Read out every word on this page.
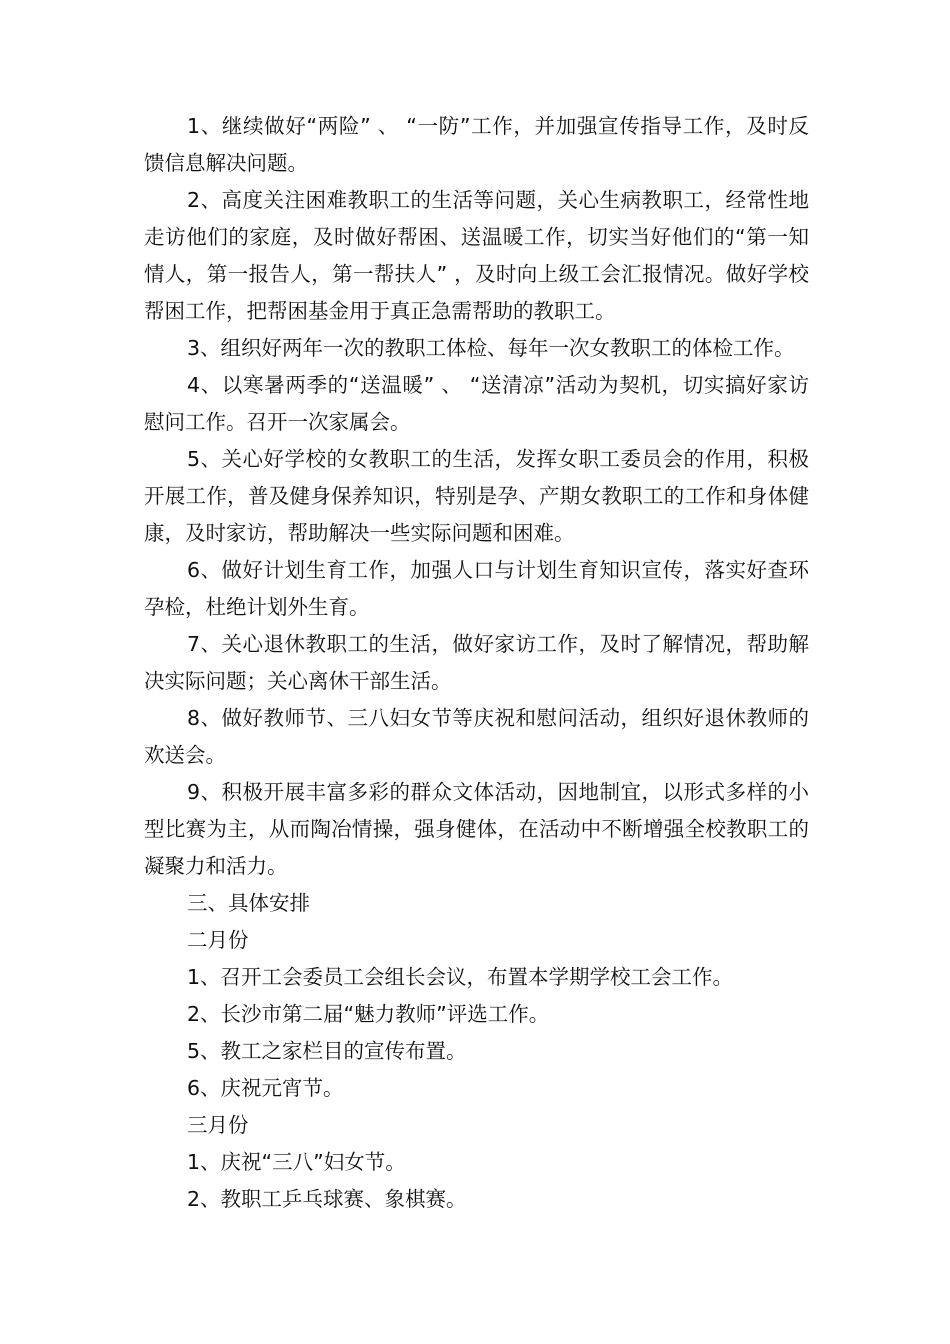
1、继续做好“两险” 、 “一防”工作，并加强宣传指导工作，及时反馈信息解决问题。

2、高度关注困难教职工的生活等问题，关心生病教职工，经常性地走访他们的家庭，及时做好帮困、送温暖工作，切实当好他们的“第一知情人，第一报告人，第一帮扶人” ，及时向上级工会汇报情况。做好学校帮困工作，把帮困基金用于真正急需帮助的教职工。

3、组织好两年一次的教职工体检、每年一次女教职工的体检工作。

4、以寒暑两季的“送温暖” 、 “送清凉”活动为契机，切实搞好家访慰问工作。召开一次家属会。

5、关心好学校的女教职工的生活，发挥女职工委员会的作用，积极开展工作，普及健身保养知识，特别是孕、产期女教职工的工作和身体健康，及时家访，帮助解决一些实际问题和困难。

6、做好计划生育工作，加强人口与计划生育知识宣传，落实好查环孕检，杜绝计划外生育。

7、关心退休教职工的生活，做好家访工作，及时了解情况，帮助解决实际问题；关心离休干部生活。

8、做好教师节、三八妇女节等庆祝和慰问活动，组织好退休教师的欢送会。

9、积极开展丰富多彩的群众文体活动，因地制宜，以形式多样的小型比赛为主，从而陶冶情操，强身健体，在活动中不断增强全校教职工的凝聚力和活力。

三、具体安排

二月份

1、召开工会委员工会组长会议，布置本学期学校工会工作。

2、长沙市第二届“魅力教师”评选工作。

5、教工之家栏目的宣传布置。

6、庆祝元宵节。

三月份

1、庆祝“三八”妇女节。

2、教职工乒乓球赛、象棋赛。
